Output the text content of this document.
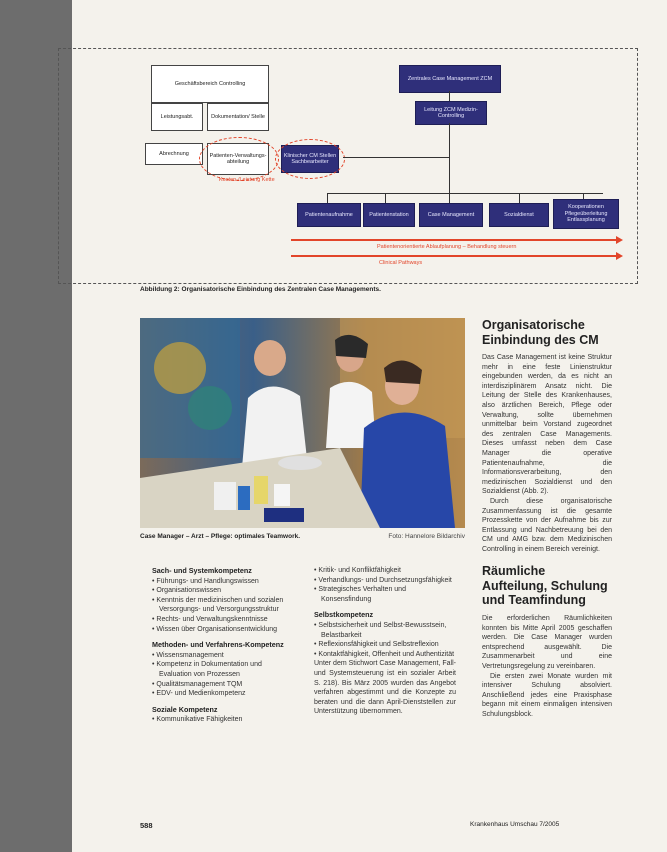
Geschäftsbereich Controlling
Leistungsabt.	Dokumentation/ Stelle
Abrechnung	Patienten-Verwaltungs-abteilung
Kosten-/Leistung Kette
Zentrales Case Management ZCM
Leitung ZCM Medizin-Controlling
Klinischer CM Stellen Sachbearbeiter
Patientenaufnahme	Patientenstation	Case Management	Sozialdienst
Kooperationen Pflegeüberleitung Entlassplanung
Patientenorientierte Ablaufplanung – Behandlung steuern
Clinical Pathways
Abbildung 2: Organisatorische Einbindung des Zentralen Case Managements.
Case Manager – Arzt – Pflege: optimales Teamwork.	Foto: Hannelore Bildarchiv
Sach- und Systemkompetenz
• Führungs- und Handlungswissen
• Organisationswissen
• Kenntnis der medizinischen und sozialen Versorgungs- und Versorgungsstruktur
• Rechts- und Verwaltungskenntnisse
• Wissen über Organisationsentwicklung
Methoden- und Verfahrens-Kompetenz
• Wissensmanagement
• Kompetenz in Dokumentation und Evaluation von Prozessen
• Qualitätsmanagement TQM
• EDV- und Medienkompetenz
Soziale Kompetenz
• Kommunikative Fähigkeiten
• Kritik- und Konfliktfähigkeit
• Verhandlungs- und Durchsetzungsfähigkeit
• Strategisches Verhalten und Konsensfindung
Selbstkompetenz
• Selbstsicherheit und Selbst-Bewusstsein, Belastbarkeit
• Reflexionsfähigkeit und Selbstreflexion
• Kontaktfähigkeit, Offenheit und Authentizität

Unter dem Stichwort Case Management, Fall- und Systemsteuerung ist ein sozialer Arbeit S. 218). Bis März 2005 wurden das Angebot verfahren abgestimmt und die Konzepte zu beraten und die dann April-Dienststellen zur Unterstützung übernommen.

Organisatorische Einbindung des CM

Das Case Management ist keine Struktur mehr in eine feste Linienstruktur eingebunden werden, da es nicht an interdisziplinärem Ansatz nicht. Die Leitung der Stelle des Krankenhauses, also ärztlichen Bereich, Pflege oder Verwaltung, sollte übernehmen unmittelbar beim Vorstand zugeordnet des zentralen Case Managements. Dieses umfasst neben dem Case Manager die operative Patientenaufnahme, die Informationsverarbeitung, den medizinischen Sozialdienst und den Sozialdienst (Abb. 2).

Durch diese organisatorische Zusammenfassung ist die gesamte Prozesskette von der Aufnahme bis zur Entlassung und Nachbetreuung bei den CM und AMG bzw. dem Medizinischen Controlling in einem Bereich vereinigt.

Räumliche Aufteilung, Schulung und Teamfindung

Die erforderlichen Räumlichkeiten konnten bis Mitte April 2005 geschaffen werden. Die Case Manager wurden entsprechend ausgewählt. Die Zusammenarbeit und eine Vertretungsregelung zu vereinbaren.

Die ersten zwei Monate wurden mit intensiver Schulung absolviert. Anschließend jedes eine Praxisphase begann mit einem einmaligen intensiven Schulungsblock.

588	Krankenhaus Umschau 7/2005
